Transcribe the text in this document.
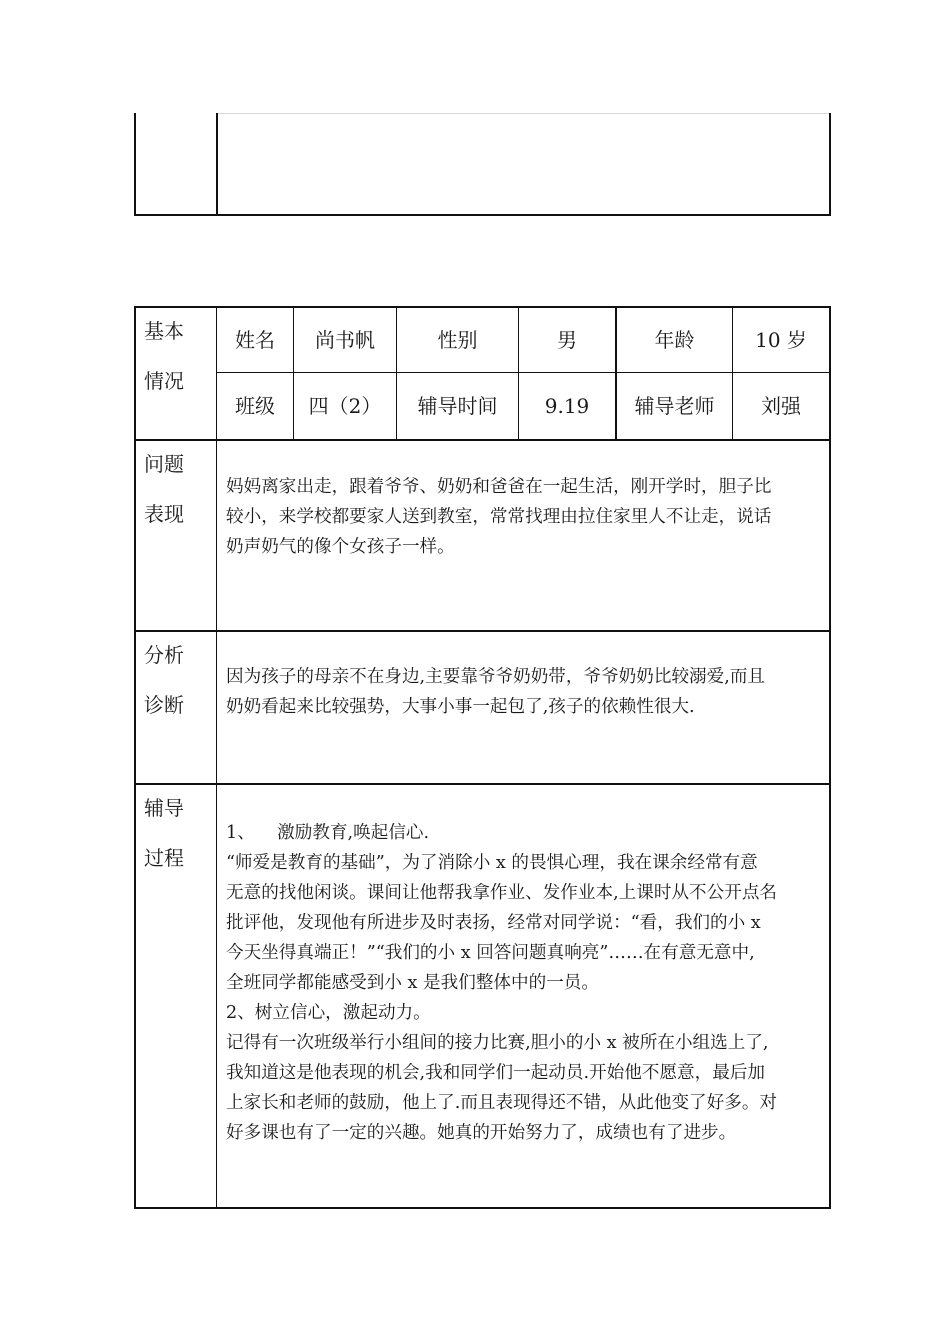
基本
情况
姓名	尚书帆	性别	男	年龄	10 岁
班级	四（2）	辅导时间	9.19	辅导老师	刘强
问题
表现
妈妈离家出走，跟着爷爷、奶奶和爸爸在一起生活，刚开学时，胆子比
较小，来学校都要家人送到教室，常常找理由拉住家里人不让走，说话
奶声奶气的像个女孩子一样。
分析
诊断
因为孩子的母亲不在身边,主要靠爷爷奶奶带，爷爷奶奶比较溺爱,而且
奶奶看起来比较强势，大事小事一起包了,孩子的依赖性很大.
辅导
过程
1、    激励教育,唤起信心.
“师爱是教育的基础”，为了消除小 x 的畏惧心理，我在课余经常有意
无意的找他闲谈。课间让他帮我拿作业、发作业本,上课时从不公开点名
批评他，发现他有所进步及时表扬，经常对同学说：“看，我们的小 x
今天坐得真端正！”“我们的小 x 回答问题真响亮”……在有意无意中,
全班同学都能感受到小 x 是我们整体中的一员。
2、树立信心，激起动力。
记得有一次班级举行小组间的接力比赛,胆小的小 x 被所在小组选上了,
我知道这是他表现的机会,我和同学们一起动员.开始他不愿意，最后加
上家长和老师的鼓励，他上了.而且表现得还不错，从此他变了好多。对
好多课也有了一定的兴趣。她真的开始努力了，成绩也有了进步。
